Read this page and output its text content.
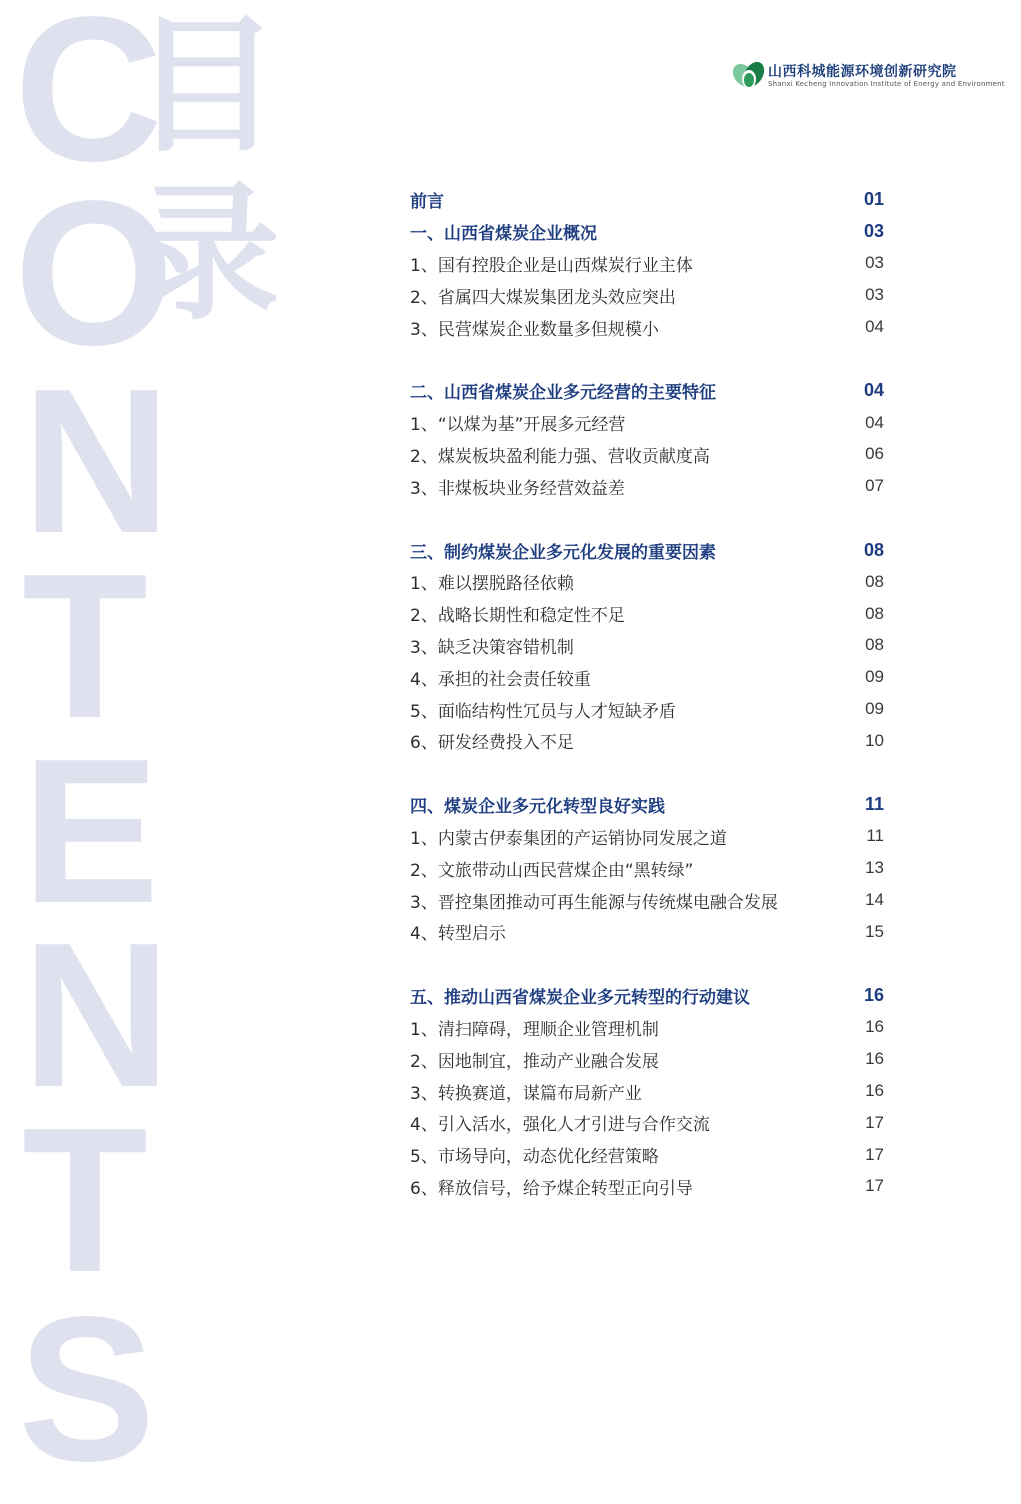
C
O
N
T
E
N
T
S
目
录
山西科城能源环境创新研究院
Shanxi Kecheng Innovation Institute of Energy and Environment
前言	01
一、山西省煤炭企业概况	03
1、国有控股企业是山西煤炭行业主体	03
2、省属四大煤炭集团龙头效应突出	03
3、民营煤炭企业数量多但规模小	04
二、山西省煤炭企业多元经营的主要特征	04
1、“以煤为基”开展多元经营	04
2、煤炭板块盈利能力强、营收贡献度高	06
3、非煤板块业务经营效益差	07
三、制约煤炭企业多元化发展的重要因素	08
1、难以摆脱路径依赖	08
2、战略长期性和稳定性不足	08
3、缺乏决策容错机制	08
4、承担的社会责任较重	09
5、面临结构性冗员与人才短缺矛盾	09
6、研发经费投入不足	10
四、煤炭企业多元化转型良好实践	11
1、内蒙古伊泰集团的产运销协同发展之道	11
2、文旅带动山西民营煤企由“黑转绿”	13
3、晋控集团推动可再生能源与传统煤电融合发展	14
4、转型启示	15
五、推动山西省煤炭企业多元转型的行动建议	16
1、清扫障碍，理顺企业管理机制	16
2、因地制宜，推动产业融合发展	16
3、转换赛道，谋篇布局新产业	16
4、引入活水，强化人才引进与合作交流	17
5、市场导向，动态优化经营策略	17
6、释放信号，给予煤企转型正向引导	17
